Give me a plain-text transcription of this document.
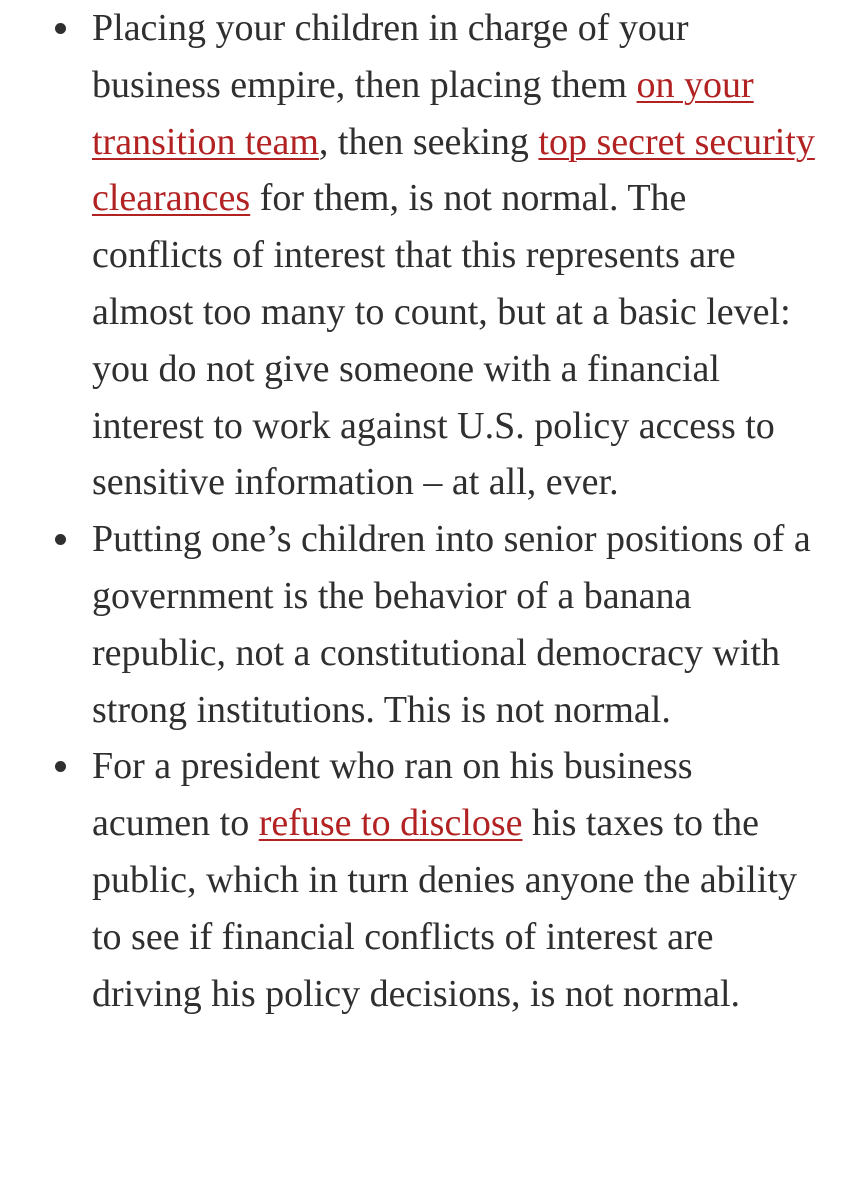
Placing your children in charge of your business empire, then placing them on your transition team, then seeking top secret security clearances for them, is not normal. The conflicts of interest that this represents are almost too many to count, but at a basic level: you do not give someone with a financial interest to work against U.S. policy access to sensitive information – at all, ever.
Putting one’s children into senior positions of a government is the behavior of a banana republic, not a constitutional democracy with strong institutions. This is not normal.
For a president who ran on his business acumen to refuse to disclose his taxes to the public, which in turn denies anyone the ability to see if financial conflicts of interest are driving his policy decisions, is not normal.
